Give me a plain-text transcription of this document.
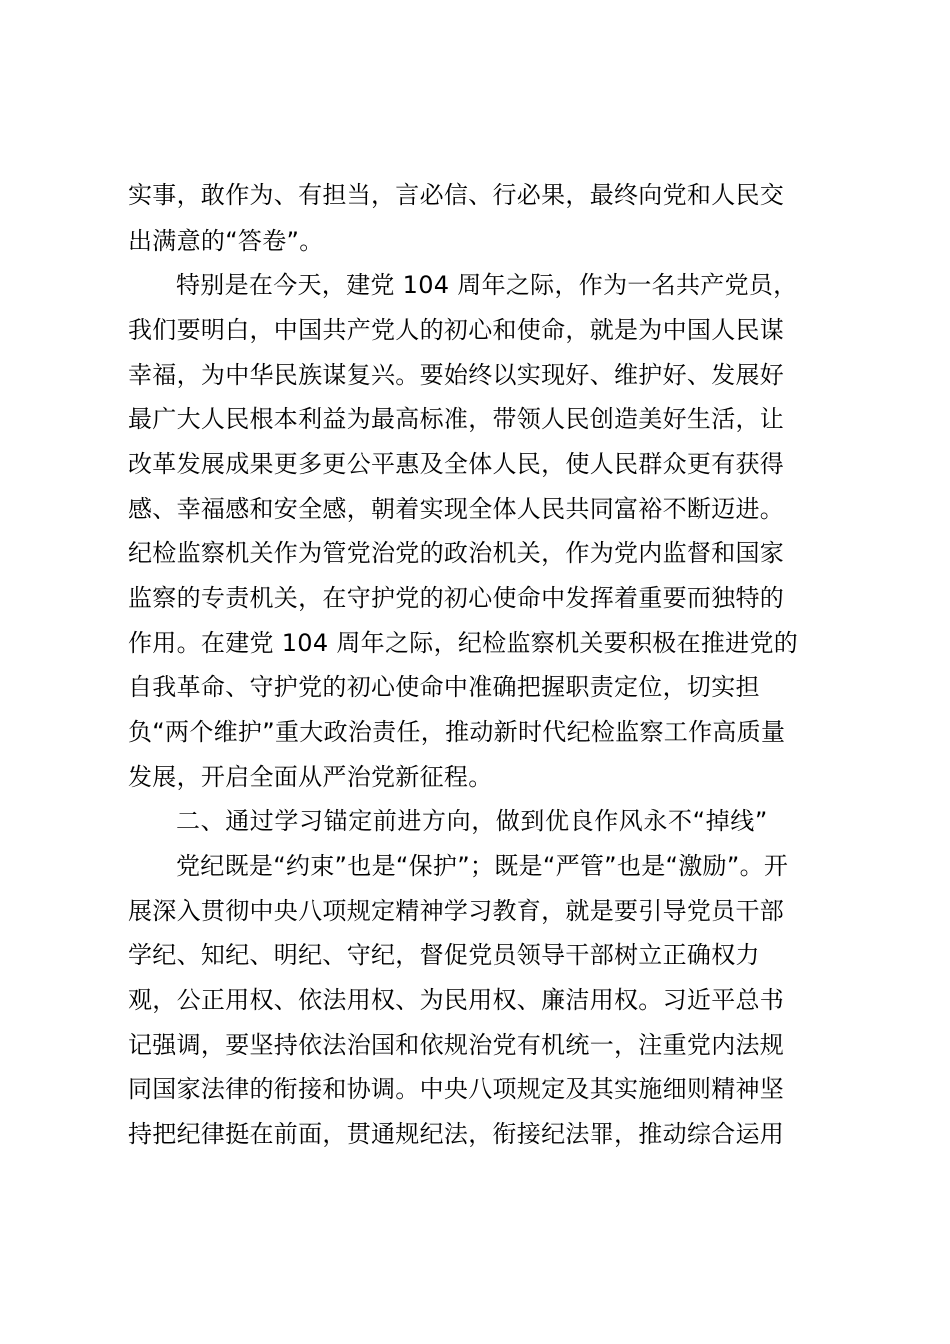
实事，敢作为、有担当，言必信、行必果，最终向党和人民交
出满意的“答卷”。
特别是在今天，建党 104 周年之际，作为一名共产党员，
我们要明白，中国共产党人的初心和使命，就是为中国人民谋
幸福，为中华民族谋复兴。要始终以实现好、维护好、发展好
最广大人民根本利益为最高标准，带领人民创造美好生活，让
改革发展成果更多更公平惠及全体人民，使人民群众更有获得
感、幸福感和安全感，朝着实现全体人民共同富裕不断迈进。
纪检监察机关作为管党治党的政治机关，作为党内监督和国家
监察的专责机关，在守护党的初心使命中发挥着重要而独特的
作用。在建党 104 周年之际，纪检监察机关要积极在推进党的
自我革命、守护党的初心使命中准确把握职责定位，切实担
负“两个维护”重大政治责任，推动新时代纪检监察工作高质量
发展，开启全面从严治党新征程。
二、通过学习锚定前进方向，做到优良作风永不“掉线”
党纪既是“约束”也是“保护”；既是“严管”也是“激励”。开
展深入贯彻中央八项规定精神学习教育，就是要引导党员干部
学纪、知纪、明纪、守纪，督促党员领导干部树立正确权力
观，公正用权、依法用权、为民用权、廉洁用权。习近平总书
记强调，要坚持依法治国和依规治党有机统一，注重党内法规
同国家法律的衔接和协调。中央八项规定及其实施细则精神坚
持把纪律挺在前面，贯通规纪法，衔接纪法罪，推动综合运用
